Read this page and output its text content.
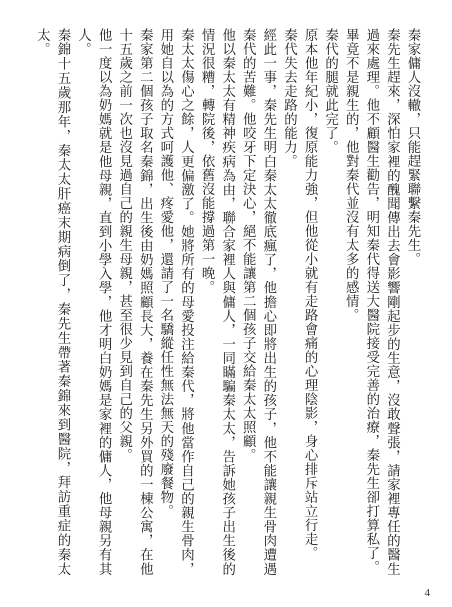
秦家傭人沒轍，只能趕緊聯繫秦先生。

秦先生趕來，深怕家裡的醜聞傳出去會影響剛起步的生意，沒敢聲張，請家裡專任的醫生過來處理。他不顧醫生勸告，明知秦代得送大醫院接受完善的治療，秦先生卻打算私了。

畢竟不是親生的，他對秦代並沒有太多的感情。

秦代的腿就此完了。

原本他年紀小，復原能力強，但他從小就有走路會痛的心理陰影，身心排斥站立行走。

秦代失去走路的能力。

經此一事，秦先生明白秦太太徹底瘋了，他擔心即將出生的孩子，他不能讓親生骨肉遭遇秦代的苦難。他咬牙下定決心，絕不能讓第二個孩子交給秦太太照顧。

他以秦太太有精神疾病為由，聯合家裡人與傭人，一同瞞騙秦太太，告訴她孩子出生後的情況很糟，轉院後，依舊沒能撐過第一晚。

秦太太傷心之餘，人更偏激了。她將所有的母愛投注給秦代，將他當作自己的親生骨肉，用她自以為的方式呵護他、疼愛他，還請了一名驕縱任性無法無天的殘廢餐物。

秦家第二個孩子取名秦錦，出生後由奶媽照顧長大，養在秦先生另外買的一棟公寓，在他十五歲之前一次也沒見過自己的親生母親，甚至很少見到自己的父親。

他一度以為奶媽就是他母親，直到小學入學，他才明白奶媽是家裡的傭人，他母親另有其人。

秦錦十五歲那年，秦太太肝癌末期病倒了，秦先生帶著秦錦來到醫院，拜訪重症的秦太太。

4
